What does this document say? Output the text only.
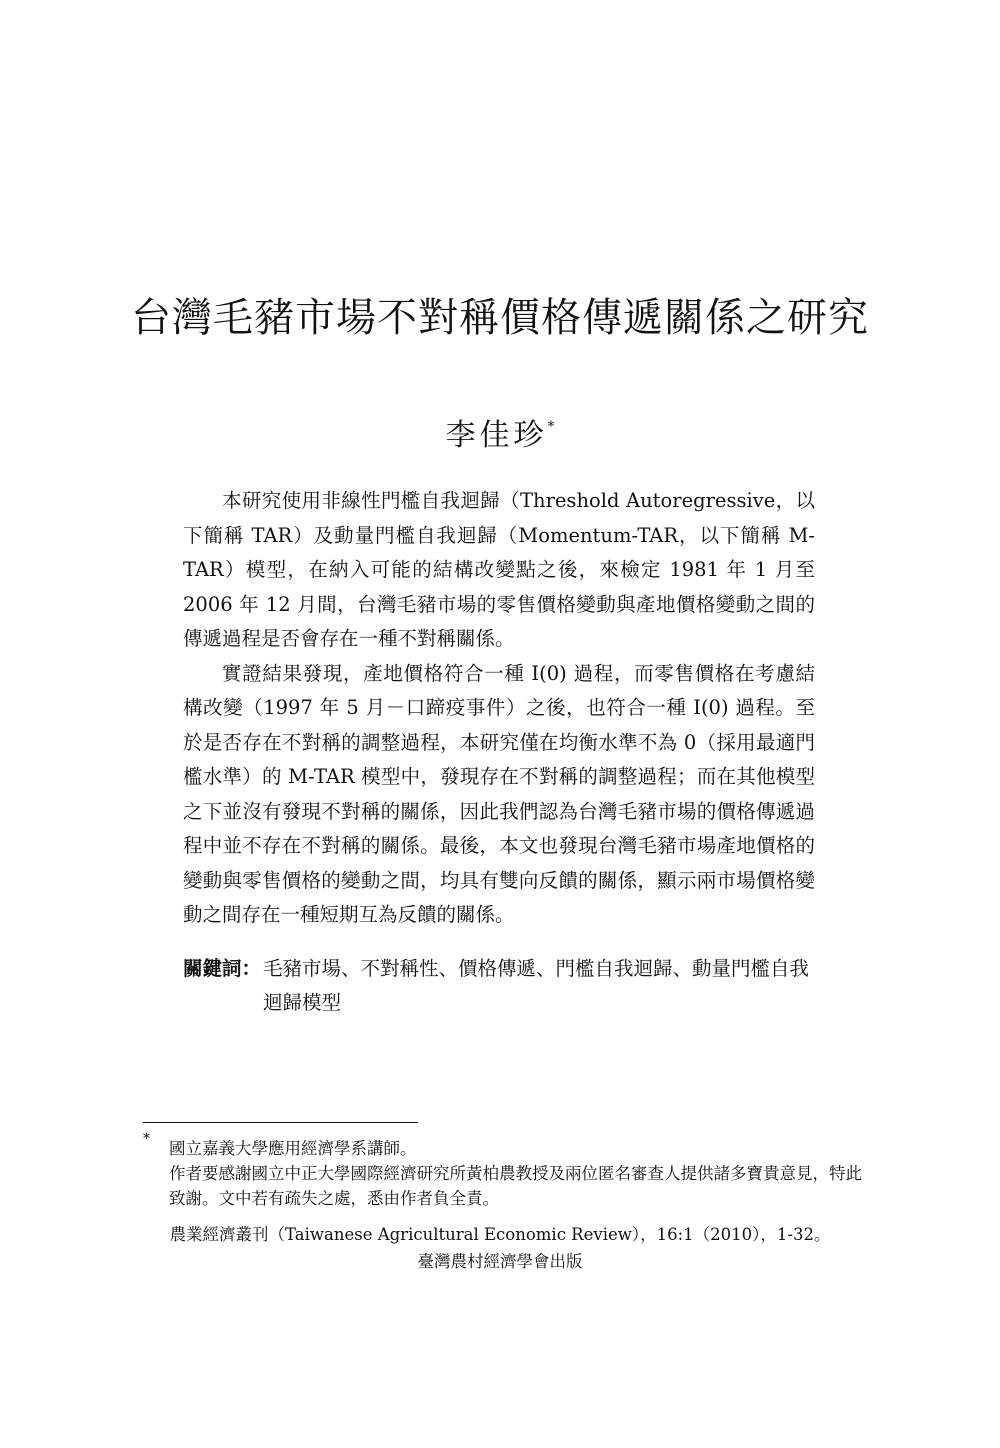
台灣毛豬市場不對稱價格傳遞關係之研究
李佳珍*

本研究使用非線性門檻自我迴歸（Threshold Autoregressive，以下簡稱 TAR）及動量門檻自我迴歸（Momentum-TAR，以下簡稱 M-TAR）模型，在納入可能的結構改變點之後，來檢定 1981 年 1 月至 2006 年 12 月間，台灣毛豬市場的零售價格變動與產地價格變動之間的傳遞過程是否會存在一種不對稱關係。

實證結果發現，產地價格符合一種 I(0) 過程，而零售價格在考慮結構改變（1997 年 5 月－口蹄疫事件）之後，也符合一種 I(0) 過程。至於是否存在不對稱的調整過程，本研究僅在均衡水準不為 0（採用最適門檻水準）的 M-TAR 模型中，發現存在不對稱的調整過程；而在其他模型之下並沒有發現不對稱的關係，因此我們認為台灣毛豬市場的價格傳遞過程中並不存在不對稱的關係。最後，本文也發現台灣毛豬市場產地價格的變動與零售價格的變動之間，均具有雙向反饋的關係，顯示兩市場價格變動之間存在一種短期互為反饋的關係。

關鍵詞： 毛豬市場、不對稱性、價格傳遞、門檻自我迴歸、動量門檻自我迴歸模型
* 國立嘉義大學應用經濟學系講師。
作者要感謝國立中正大學國際經濟研究所黃柏農教授及兩位匿名審查人提供諸多寶貴意見，特此致謝。文中若有疏失之處，悉由作者負全責。
農業經濟叢刊（Taiwanese Agricultural Economic Review），16:1（2010），1-32。
臺灣農村經濟學會出版
